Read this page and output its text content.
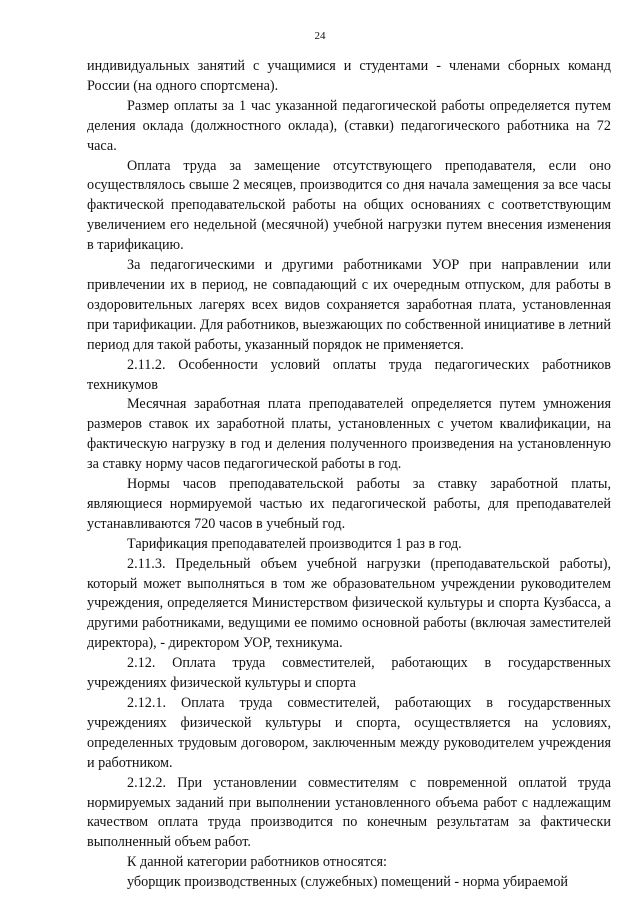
24

индивидуальных занятий с учащимися и студентами - членами сборных команд России (на одного спортсмена).

Размер оплаты за 1 час указанной педагогической работы определяется путем деления оклада (должностного оклада), (ставки) педагогического работника на 72 часа.

Оплата труда за замещение отсутствующего преподавателя, если оно осуществлялось свыше 2 месяцев, производится со дня начала замещения за все часы фактической преподавательской работы на общих основаниях с соответствующим увеличением его недельной (месячной) учебной нагрузки путем внесения изменения в тарификацию.

За педагогическими и другими работниками УОР при направлении или привлечении их в период, не совпадающий с их очередным отпуском, для работы в оздоровительных лагерях всех видов сохраняется заработная плата, установленная при тарификации. Для работников, выезжающих по собственной инициативе в летний период для такой работы, указанный порядок не применяется.

2.11.2. Особенности условий оплаты труда педагогических работников техникумов

Месячная заработная плата преподавателей определяется путем умножения размеров ставок их заработной платы, установленных с учетом квалификации, на фактическую нагрузку в год и деления полученного произведения на установленную за ставку норму часов педагогической работы в год.

Нормы часов преподавательской работы за ставку заработной платы, являющиеся нормируемой частью их педагогической работы, для преподавателей устанавливаются 720 часов в учебный год.

Тарификация преподавателей производится 1 раз в год.

2.11.3. Предельный объем учебной нагрузки (преподавательской работы), который может выполняться в том же образовательном учреждении руководителем учреждения, определяется Министерством физической культуры и спорта Кузбасса, а другими работниками, ведущими ее помимо основной работы (включая заместителей директора), - директором УОР, техникума.

2.12. Оплата труда совместителей, работающих в государственных учреждениях физической культуры и спорта

2.12.1. Оплата труда совместителей, работающих в государственных учреждениях физической культуры и спорта, осуществляется на условиях, определенных трудовым договором, заключенным между руководителем учреждения и работником.

2.12.2. При установлении совместителям с повременной оплатой труда нормируемых заданий при выполнении установленного объема работ с надлежащим качеством оплата труда производится по конечным результатам за фактически выполненный объем работ.

К данной категории работников относятся:

уборщик производственных (служебных) помещений - норма убираемой
